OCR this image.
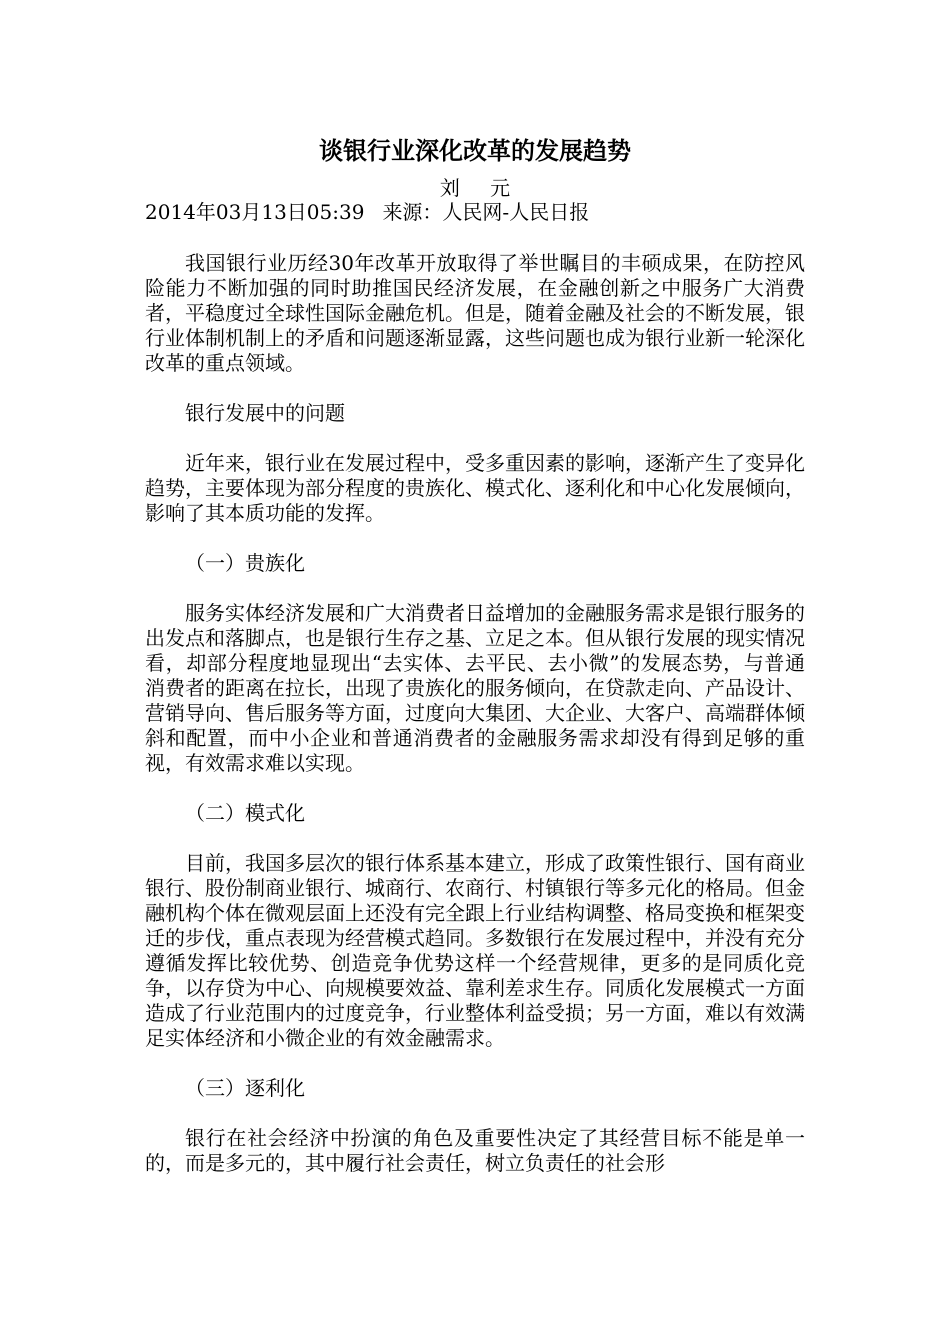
谈银行业深化改革的发展趋势

刘 元

2014年03月13日05:39 来源：人民网-人民日报

我国银行业历经30年改革开放取得了举世瞩目的丰硕成果，在防控风险能力不断加强的同时助推国民经济发展，在金融创新之中服务广大消费者，平稳度过全球性国际金融危机。但是，随着金融及社会的不断发展，银行业体制机制上的矛盾和问题逐渐显露，这些问题也成为银行业新一轮深化改革的重点领域。

银行发展中的问题

近年来，银行业在发展过程中，受多重因素的影响，逐渐产生了变异化趋势，主要体现为部分程度的贵族化、模式化、逐利化和中心化发展倾向，影响了其本质功能的发挥。

（一）贵族化

服务实体经济发展和广大消费者日益增加的金融服务需求是银行服务的出发点和落脚点，也是银行生存之基、立足之本。但从银行发展的现实情况看，却部分程度地显现出“去实体、去平民、去小微”的发展态势，与普通消费者的距离在拉长，出现了贵族化的服务倾向，在贷款走向、产品设计、营销导向、售后服务等方面，过度向大集团、大企业、大客户、高端群体倾斜和配置，而中小企业和普通消费者的金融服务需求却没有得到足够的重视，有效需求难以实现。

（二）模式化

目前，我国多层次的银行体系基本建立，形成了政策性银行、国有商业银行、股份制商业银行、城商行、农商行、村镇银行等多元化的格局。但金融机构个体在微观层面上还没有完全跟上行业结构调整、格局变换和框架变迁的步伐，重点表现为经营模式趋同。多数银行在发展过程中，并没有充分遵循发挥比较优势、创造竞争优势这样一个经营规律，更多的是同质化竞争，以存贷为中心、向规模要效益、靠利差求生存。同质化发展模式一方面造成了行业范围内的过度竞争，行业整体利益受损；另一方面，难以有效满足实体经济和小微企业的有效金融需求。

（三）逐利化

银行在社会经济中扮演的角色及重要性决定了其经营目标不能是单一的，而是多元的，其中履行社会责任，树立负责任的社会形
